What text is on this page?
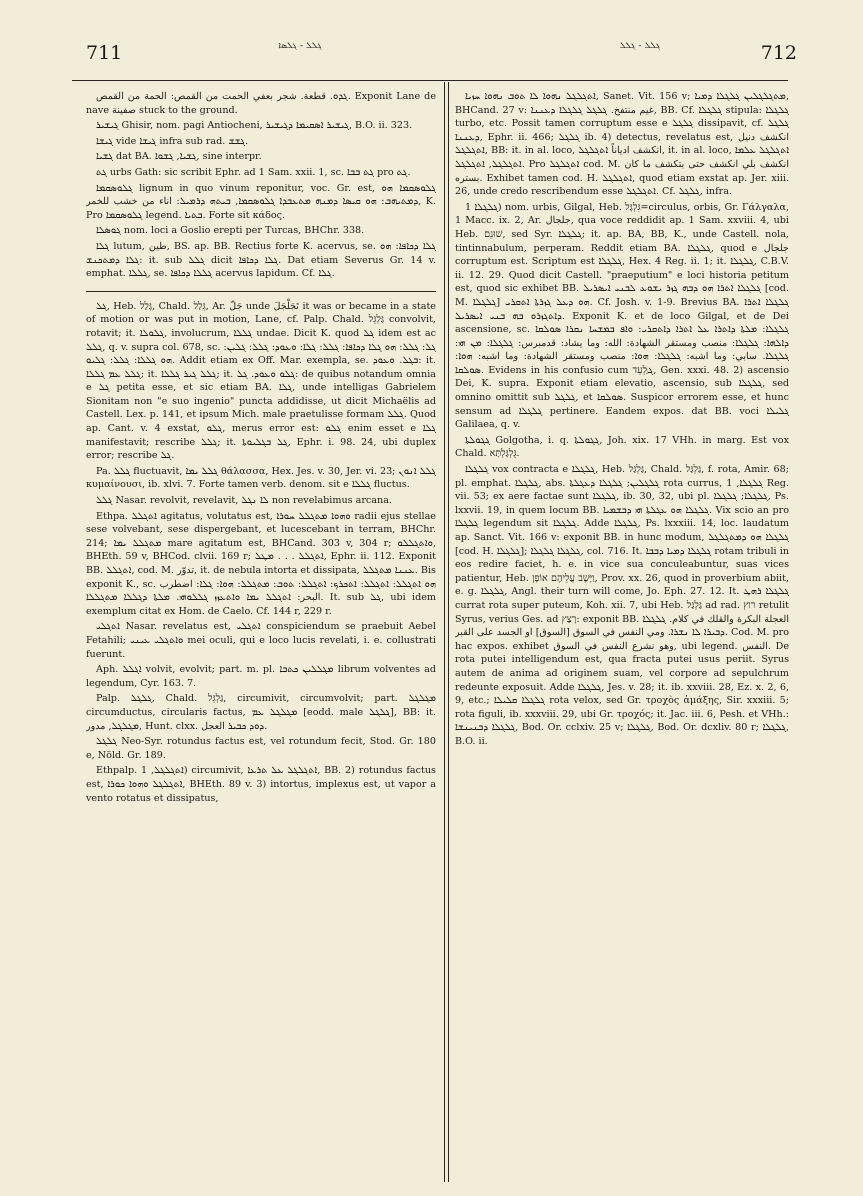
711	ܓܠܠ - ܓܠܣܐ	ܓܠܠ - ܓܠܠ	712

ܓܕܘ. قطعة. شجر بعفي الحمت من القمص: الحمة من القمص. Exponit Lane de nave صفينة stuck to the ground.

ܓܝܫܝܪ Ghisir, nom. pagi Antiocheni, ܓܝܫܝܪ ܐܣܩܝܡܐ ܕܓܝܫܝܪ, B.O. ii. 323.

ܓܝܫܐ vide ܓܝܫܐ infra sub rad. ܓܫܫ.

ܓܫܝܐ dat BA. ܓܫܝܐ, ܓܫܘܐ, sine interpr.

ܓܬ urbs Gath: sic scribit Ephr. ad 1 Sam. xxii. 1, sc. ܓܬ ܒܒܐ pro ܓܬ.

ܓܠܘܣܩܡܐ lignum in quo vinum reponitur, voc. Gr. est, ܓܠܘܣܩܡܐ ܗܘ ܕܡܬܝܗܒ: ܗܘ ܩܝܣܐ ܕܡܢܗ ܡܬܥܒܕܐ ܓܠܘܣܩܡܐ, ܒܝܬܗ ܕܪܡܝܠ: اناء من خشب للخمر, K. Pro ܓܠܘܣܩܡܐ legend. ܒܬܝܐ. Forte sit κάδος.

ܓܘܣܠܐ nom. loci a Goslio erepti per Turcas, BHChr. 338.

ܓܠܐ lutum, طين, BS. ap. BB. Rectius forte K. acervus, se. ܓܠܐ ܕܟܐܦܐ: ܗܘ ܓܠܐ ܕܡܬܟܢܫ: it. sub ܓܠܠ dicit ܓܠܐ ܕܟܐܦܐ. Dat etiam Severus Gr. 14 v. emphat. ܓܠܠܐ, se. ܓܠܠܐ ܕܟܐܦܐ acervus lapidum. Cf. ܓܠܐ.

ܓܠ, Heb. גָּלַל, Chald. גְּלַל, Ar. جَلّ unde تَجَلْجَلَ it was or became in a state of motion or was put in motion, Lane, cf. Palp. Chald. גַּלְגֵּל convolvit, rotavit; it. ܓܠܘܠܐ, involucrum, ܓܠܠܐ undae. Dicit K. quod ܓܠ idem est ac ܓܠܠ, q. v. supra col. 678, sc. ܓܠ: ܓܠܠ: ܗܘ ܓܠܐ ܕܟܐܦܐ: ܓܠܠ: ܓܠܐ: ܘܥܘܕ: ܓܠܠ: ܓܠܝܢ: ܗܘ ܓܠܠܐ: ܓܠܠ: ܓܠܝܘ. Addit etiam ex Off. Mar. exempla, se. ܒܓܠ. ܘܥܘܕ: it. ܓܠܠ ܥܡ ܓܠܠܐ; it. ܓܠܠ ܓܝܪ ܓܠܠܐ; it. ܓܠܘ ܘܥܘܕ. ܓܠ: de quibus notandum omnia e ܓܠ petita esse, et sic etiam BA. ܓܠܐ, unde intelligas Gabrielem Sionitam non "e suo ingenio" puncta addidisse, ut dicit Michaëlis ad Castell. Lex. p. 141, et ipsum Mich. male praetulisse formam ܓܠܠ. Quod ap. Cant. v. 4 exstat, ܓܠܘ, merus error est: ܓܠܘ enim esset e ܓܠܐ manifestavit; rescribe ܓܠܠ; it. ܓܠ ܒܓܠܝܘܬܐ, Ephr. i. 98. 24, ubi duplex error; rescribe ܓܠ.

Pa. ܓܠܠ fluctuavit, ܓܠܠ ܝܡܐ θάλασσα, Hex. Jes. v. 30, Jer. vi. 23; ܓܠܠ ܐܢܘܢ κυμαίνουσι, ib. xlvi. 7. Forte tamen verb. denom. sit e ܓܠܠܐ fluctus.

ܓܠܠ Nasar. revolvit, revelavit, ܠܐ ܢܓܠ non revelabimus arcana.

Ethpa. ܐܬܓܠܠ agitatus, volutatus est, ܘܗܘܐ ܡܬܓܠܠ ܚܘܪܐ radii ejus stellae sese volvebant, sese dispergebant, et lucescebant in terram, BHChr. 214; ܡܬܓܠܠ ܝܡܐ mare agitatum est, BHCand. 303 v, 304 r; ܘܐܬܓܠܠܘ, BHEth. 59 v, BHCod. clvii. 169 r; ܐܬܓܠܠ . . . ܡܛܠ, Ephr. ii. 112. Exponit BB. ܐܬܓܠܠ, cod. M. تدوّر, it. de nebula intorta et dissipata, ܥܢܢܐ ܡܬܓܠܠ. Bis exponit K., sc. ܗܘ ܐܬܓܠܠ: ܐܬܓܠܠ: ܐܬܟܪܟ: ܐܬܓܠܠ: ܬܘܒ: ܡܬܓܠܠ: ܗܘܐ: ܓܠܐ: اضطرب البحر: ܐܬܓܠܠ ܝܡܐ ܘܐܬܥܙܙ ܓܠܠܘܗܝ. ܡܠܬܐ ܕܓܠܠܐ ܡܬܓܠܠܐ. It. sub ܓܠ, ubi idem exemplum citat ex Hom. de Caelo. Cf. 144 r, 229 r.

ܐܬܓܠܝ Nasar. revelatus est, ܐܬܓܠܝ conspiciendum se praebuit Aebel Fetahili; ܘܐܬܓܠܝ ܥܝܢܝ mei oculi, qui e loco lucis revelati, i. e. collustrati fuerunt.

Aph. ܐܓܠܠ volvit, evolvit; part. m. pl. ܡܓܠܠܝܢ ܟܬܒܐ librum volventes ad legendum, Cyr. 163. 7.

Palp. ܓܠܓܠ, Chald. גַּלְגֵּל, circumivit, circumvolvit; part. ܡܓܠܓܠ circumductus, circularis factus, ܡܓܠܓܠ ܥܡ [eodd. male ܓܠܓܠ], BB: it. ܡܓܠܓܠ, مدور, Hunt. clxx. ܕܘܕ ܟܒܝܪ العجل.

ܓܠܓܠ Neo-Syr. rotundus factus est, vel rotundum fecit, Stod. Gr. 180 e, Nöld. Gr. 189.

Ethpalp. ܐܬܓܠܓܠ, 1) circumivit, ܐܬܓܠܓܠ ܥܠ ܬܪܥܐ, BB. 2) rotundus factus est, ܐܬܓܠܓܠ ܘܗܘܐ ܟܘܪܐ, BHEth. 89 v. 3) intortus, implexus est, ut vapor a vento rotatus et dissipatus,

ܐܬܓܠܓܠ ܢܗܘܐ ܠܐ ܬܘܒ ܢܗܘܐ ܚܙܝܐ, Sanet. Vit. 156 v; ܡܬܓܠܓܠܝܢ ܓܠܓܠܐ ܕܡܝܐ, BHCand. 27 v: غيم منتفخ. ܓܠܓܠ ܓܠܓܠܐ ܕܥܢܢܐ, BB. Cf. ܓܠܓܠܐ stipula: ܓܠܓܠܐ turbo, etc. Possit tamen corruptum esse e ܓܠܓܠ dissipavit, cf. ܓܠܓܠ ܕܥܢܢܐ, Ephr. ii. 466; ܓܠܓܠ ib. 4) detectus, revelatus est, انكشف دنيل ܐܬܓܠܓܠ, BB: it. in al. loco, انكشف ادياناً ܐܬܓܠܓܠ, it. in al. loco, ܐܬܓܠܓܠ ܥܠܡܐ ܐܬܓܠܓܠ, ܐܬܓܠܓܠ. Pro ܐܬܓܠܓܠ cod. M. انكشف بلي انكشف حتى بتكشف ما كان بستره. Exhibet tamen cod. H. ܐܬܓܠܓܠ, quod etiam exstat ap. Jer. xiii. 26, unde credo rescribendum esse ܐܬܓܠܓܠ. Cf. ܓܠܓܠ, infra.

ܓܠܓܠܐ 1) nom. urbis, Gilgal, Heb. גִּלְגָּל=circulus, orbis, Gr. Γάλγαλα, 1 Macc. ix. 2, Ar. جلجال, qua voce reddidit ap. 1 Sam. xxviii. 4, ubi Heb. שׁוּנֵם, sed Syr. ܓܠܓܠܐ; it. ap. BA, BB, K., unde Castell. nola, tintinnabulum, perperam. Reddit etiam BA. ܓܠܓܠܐ, quod e جلجال corruptum est. Scriptum est ܓܠܓܠܐ, Hex. 4 Reg. ii. 1; it. ܓܠܓܠܐ, C.B.V. ii. 12. 29. Quod dicit Castell. "praeputium" e loci historia petitum est, quod sic exhibet BB. ܓܠܓܠܐ ܐܬܪܐ ܗܘ ܕܒܗ ܓܙܪ ܝܫܘܥ ܠܒܢܝ ܐܝܣܪܝܠ [cod. M. ܓܠܓܠܐ] ܗܘ ܕܥܠ ܓܙܪܬܐ ܐܬܩܪܝ. Cf. Josh. v. 1-9. Brevius BA. ܓܠܓܠܐ ܐܬܪܐ ܕܐܬܓܙܪܘ ܒܗ ܒܢܝ ܐܝܣܪܝܠ. Exponit K. et de loco Gilgal, et de Dei ascensione, sc. ܓܠܓܠܐ: ܡܠܬܐ ܕܐܬܪܐ ܥܠ ܐܬܪܐ ܕܐܬܩܪܝ: ܘܐܦ ܒܡܫܚܐ ܢܩܪܐ ܣܘܠܩܐ ܕܐܠܗܐ: ܓܠܓܠܐ: منصب ومستقر الشهادة: الله: وما يشاد: قدمبرس: ܓܠܓܠܐ: ܡܢ ܗܝ: ܓܠܓܠܐ. سابي: وما اشبه: ܓܠܓܠܐ: ܗܘܐ: منصب ومستقر الشهادة: وما اشبه: ܗܘܐ: ܣܘܠܩܐ. Evidens in his confusio cum ܓַּלְעֵד, Gen. xxxi. 48. 2) ascensio Dei, K. supra. Exponit etiam elevatio, ascensio, sub ܓܠܓܠܐ, sed omnino omittit sub ܓܠܓܠ, et ܣܘܠܩܐ. Suspicor errorem esse, et hunc sensum ad ܓܠܓܠܐ pertinere. Eandem expos. dat BB. voci ܓܠܝܠܐ Galilaea, q. v.

ܓܓܘܠܬܐ Golgotha, i. q. ܓܓܘܠܬܐ, Joh. xix. 17 VHh. in marg. Est vox Chald. גֻּלְגָּלְתָּא.

ܓܠܓܠܐ vox contracta e ܓܠܓܠܐ, Heb. גַּלְגַּל, Chald. גַּלְגַּל, f. rota, Amir. 68; pl. emphat. ܓܠܓܠܐ, abs. ܓܠܓܠܝܢ; ܓܠܓܠܐ ܕܥܓܠܬܐ rota currus, ܓܠܓܠܐ, 1 Reg. vii. 53; ex aere factae sunt ܓܠܓܠܐ, ib. 30, 32, ubi pl. ܓܠܓܠܐ; ܓܠܓܠܐ, Ps. lxxvii. 19, in quem locum BB. ܓܠܓܠܐ ܗܘ ܥܓܠܬܐ ܗܝ ܕܒܫܡܝܐ. Vix scio an pro ܓܠܓܠܐ legendum sit ܓܠܓܠܐ. Adde ܓܠܓܠܐ, Ps. lxxxiii. 14, loc. laudatum ap. Sanct. Vit. 166 v: exponit BB. in hunc modum, ܓܠܓܠܐ ܗܘ ܕܡܬܓܠܓܠ [cod. H. ܓܠܓܠܐ]; ܓܠܓܠܐ ܓܠܓܠܐ, col. 716. It. ܓܠܓܠܐ ܕܡܝܐ ܕܒܒܐ rotam tribuli in eos redire faciet, h. e. in vice sua conculeabuntur, suas vices patientur, Heb. וַיָּשֶׁב עֲלֵיהֶם אוֹפָן, Prov. xx. 26, quod in proverbium abiit, e. g. ܓܠܓܠܐ, Angl. their turn will come, Jo. Eph. 27. 12. It. ܓܠܓܠܐ ܪܗܛ currat rota super puteum, Koh. xii. 7, ubi Heb. גַּלְגַּל ad rad. רוץ retulit Syrus, verius Ges. ad רָצַץ: exponit BB. العجلة البكرة والقلك في كلام. ܓܠܓܠܐ ܕܒܝܪܐ ܠܐ ܢܫܪܐ. ومي النفس في السوق [السوق] او الجسد على القبر. Cod. M. pro hac expos. exhibet وهو نشرع النفس في السوق, ubi legend. النفس. De rota putei intelligendum est, qua fracta putei usus periit. Syrus autem de anima ad originem suam, vel corpore ad sepulchrum redeunte exposuit. Adde ܓܠܓܠܐ, Jes. v. 28; it. ib. xxviii. 28, Ez. x. 2, 6, 9, etc.; ܓܠܓܠܐ ܩܠܝܠܐ rota velox, sed Gr. τροχὸς ἁμάξης, Sir. xxxiii. 5; rota figuli, ib. xxxviii. 29, ubi Gr. τροχός; it. Jac. iii. 6, Pesh. et VHh.: ܓܠܓܠܐ ܕܒܢܝܢܫܐ, Bod. Or. cclxiv. 25 v; ܓܠܓܠܐ, Bod. Or. dcxliv. 80 r; ܓܠܓܠܐ, B.O. ii.
